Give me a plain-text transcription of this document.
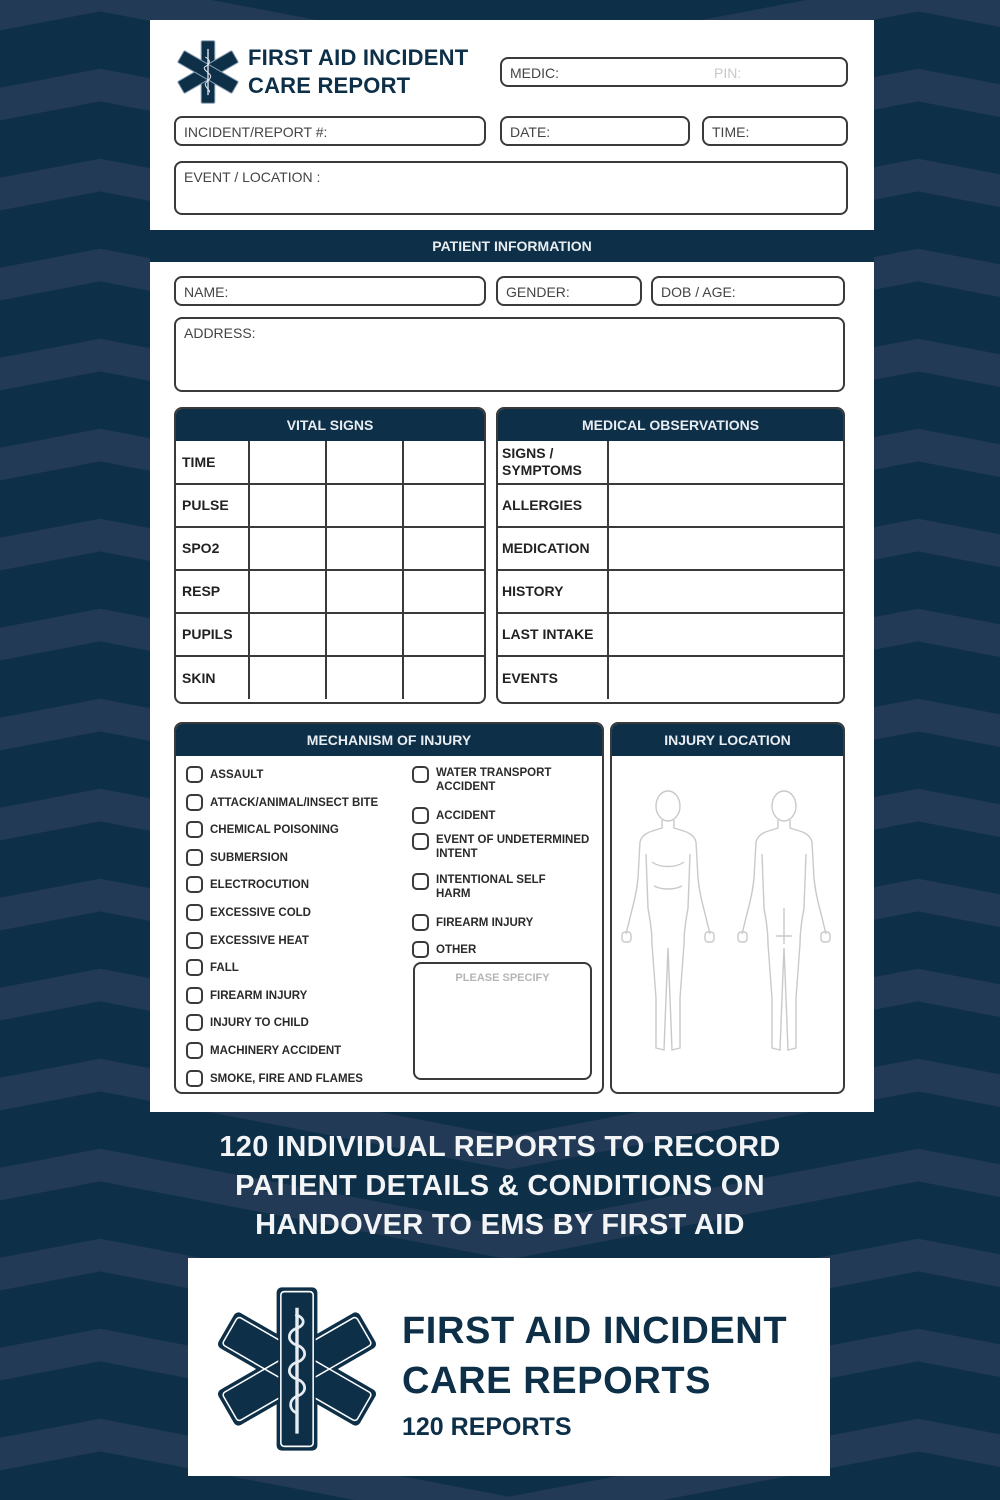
FIRST AID INCIDENT
CARE REPORT	MEDIC:	PIN:
INCIDENT/REPORT #:	DATE:	TIME:
EVENT / LOCATION :
PATIENT INFORMATION
NAME:	GENDER:	DOB / AGE:
ADDRESS:
VITAL SIGNS
TIME			
PULSE			
SPO2			
RESP			
PUPILS			
SKIN			
MEDICAL OBSERVATIONS
SIGNS / SYMPTOMS	
ALLERGIES	
MEDICATION	
HISTORY	
LAST INTAKE	
EVENTS	
MECHANISM OF INJURY
ASSAULT
ATTACK/ANIMAL/INSECT BITE
CHEMICAL POISONING
SUBMERSION
ELECTROCUTION
EXCESSIVE COLD
EXCESSIVE HEAT
FALL
FIREARM INJURY
INJURY TO CHILD
MACHINERY ACCIDENT
SMOKE, FIRE AND FLAMES
WATER TRANSPORT ACCIDENT
ACCIDENT
EVENT OF UNDETERMINED INTENT
INTENTIONAL SELF HARM
FIREARM INJURY
OTHER
PLEASE SPECIFY
INJURY LOCATION
120 INDIVIDUAL REPORTS TO RECORD
PATIENT DETAILS & CONDITIONS ON
HANDOVER TO EMS BY FIRST AID
FIRST AID INCIDENT
CARE REPORTS
120 REPORTS
